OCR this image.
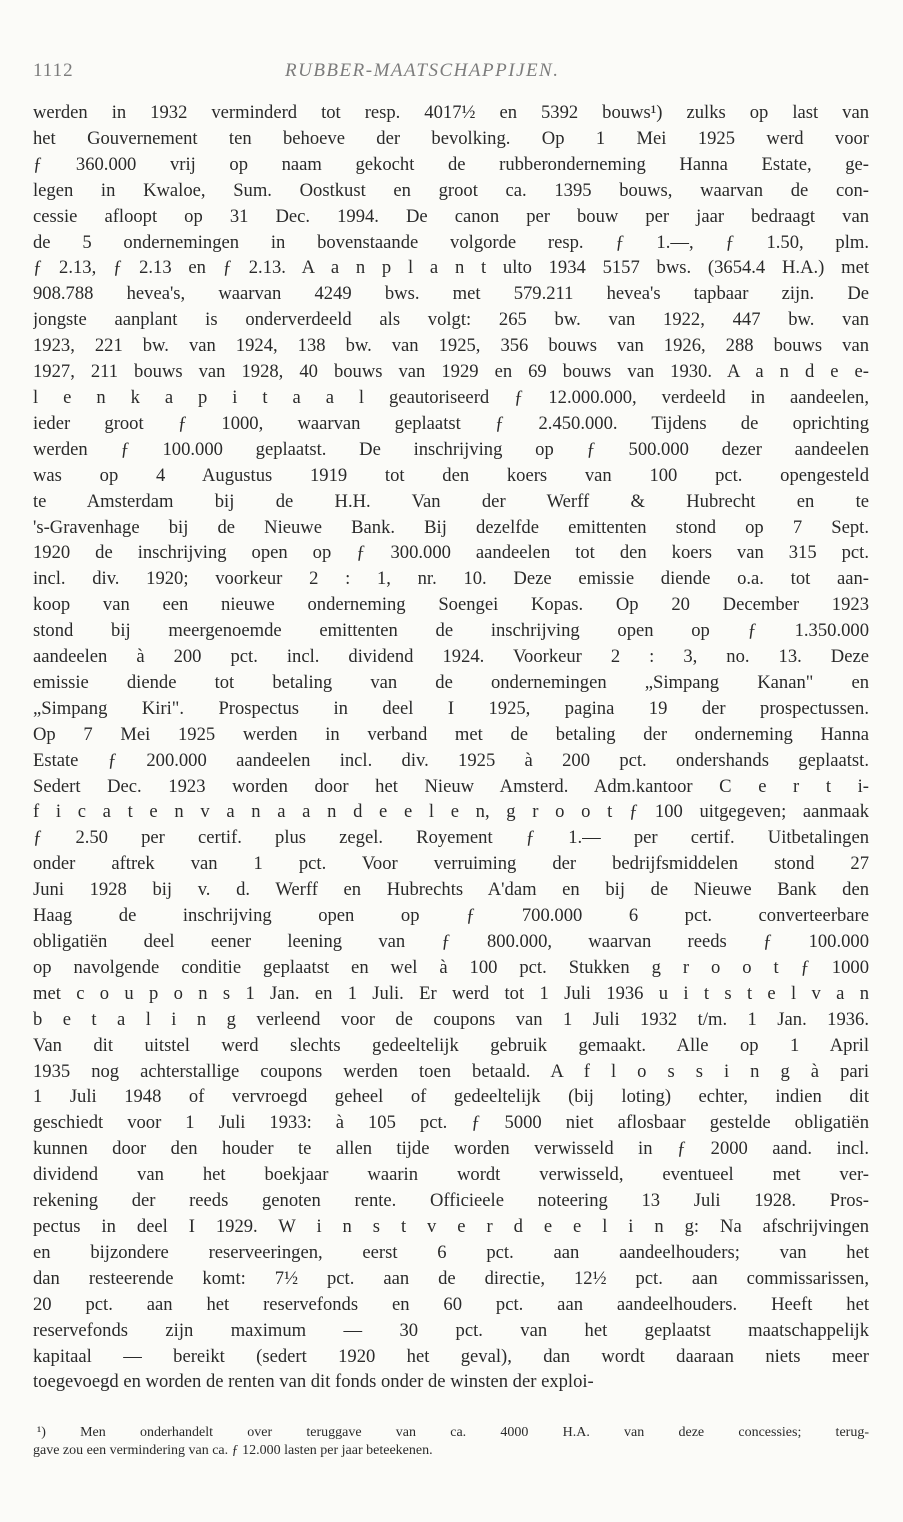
1112	RUBBER-MAATSCHAPPIJEN.
werden in 1932 verminderd tot resp. 4017½ en 5392 bouws¹) zulks op last van
het Gouvernement ten behoeve der bevolking. Op 1 Mei 1925 werd voor
ƒ 360.000 vrij op naam gekocht de rubberonderneming Hanna Estate, ge-
legen in Kwaloe, Sum. Oostkust en groot ca. 1395 bouws, waarvan de con-
cessie afloopt op 31 Dec. 1994. De canon per bouw per jaar bedraagt van
de 5 ondernemingen in bovenstaande volgorde resp. ƒ 1.—, ƒ 1.50, plm.
ƒ 2.13, ƒ 2.13 en ƒ 2.13. A a n p l a n t ulto 1934 5157 bws. (3654.4 H.A.) met
908.788 hevea's, waarvan 4249 bws. met 579.211 hevea's tapbaar zijn. De
jongste aanplant is onderverdeeld als volgt: 265 bw. van 1922, 447 bw. van
1923, 221 bw. van 1924, 138 bw. van 1925, 356 bouws van 1926, 288 bouws van
1927, 211 bouws van 1928, 40 bouws van 1929 en 69 bouws van 1930. A a n d e e-
l e n k a p i t a a l geautoriseerd ƒ 12.000.000, verdeeld in aandeelen,
ieder groot ƒ 1000, waarvan geplaatst ƒ 2.450.000. Tijdens de oprichting
werden ƒ 100.000 geplaatst. De inschrijving op ƒ 500.000 dezer aandeelen
was op 4 Augustus 1919 tot den koers van 100 pct. opengesteld
te Amsterdam bij de H.H. Van der Werff & Hubrecht en te
's-Gravenhage bij de Nieuwe Bank. Bij dezelfde emittenten stond op 7 Sept.
1920 de inschrijving open op ƒ 300.000 aandeelen tot den koers van 315 pct.
incl. div. 1920; voorkeur 2 : 1, nr. 10. Deze emissie diende o.a. tot aan-
koop van een nieuwe onderneming Soengei Kopas. Op 20 December 1923
stond bij meergenoemde emittenten de inschrijving open op ƒ 1.350.000
aandeelen à 200 pct. incl. dividend 1924. Voorkeur 2 : 3, no. 13. Deze
emissie diende tot betaling van de ondernemingen „Simpang Kanan" en
„Simpang Kiri". Prospectus in deel I 1925, pagina 19 der prospectussen.
Op 7 Mei 1925 werden in verband met de betaling der onderneming Hanna
Estate ƒ 200.000 aandeelen incl. div. 1925 à 200 pct. ondershands geplaatst.
Sedert Dec. 1923 worden door het Nieuw Amsterd. Adm.kantoor C e r t i-
f i c a t e n v a n a a n d e e l e n, g r o o t ƒ 100 uitgegeven; aanmaak
ƒ 2.50 per certif. plus zegel. Royement ƒ 1.— per certif. Uitbetalingen
onder aftrek van 1 pct. Voor verruiming der bedrijfsmiddelen stond 27
Juni 1928 bij v. d. Werff en Hubrechts A'dam en bij de Nieuwe Bank den
Haag de inschrijving open op ƒ 700.000 6 pct. converteerbare
obligatiën deel eener leening van ƒ 800.000, waarvan reeds ƒ 100.000
op navolgende conditie geplaatst en wel à 100 pct. Stukken g r o o t ƒ 1000
met c o u p o n s 1 Jan. en 1 Juli. Er werd tot 1 Juli 1936 u i t s t e l v a n
b e t a l i n g verleend voor de coupons van 1 Juli 1932 t/m. 1 Jan. 1936.
Van dit uitstel werd slechts gedeeltelijk gebruik gemaakt. Alle op 1 April
1935 nog achterstallige coupons werden toen betaald. A f l o s s i n g à pari
1 Juli 1948 of vervroegd geheel of gedeeltelijk (bij loting) echter, indien dit
geschiedt voor 1 Juli 1933: à 105 pct. ƒ 5000 niet aflosbaar gestelde obligatiën
kunnen door den houder te allen tijde worden verwisseld in ƒ 2000 aand. incl.
dividend van het boekjaar waarin wordt verwisseld, eventueel met ver-
rekening der reeds genoten rente. Officieele noteering 13 Juli 1928. Pros-
pectus in deel I 1929. W i n s t v e r d e e l i n g: Na afschrijvingen
en bijzondere reserveeringen, eerst 6 pct. aan aandeelhouders; van het
dan resteerende komt: 7½ pct. aan de directie, 12½ pct. aan commissarissen,
20 pct. aan het reservefonds en 60 pct. aan aandeelhouders. Heeft het
reservefonds zijn maximum — 30 pct. van het geplaatst maatschappelijk
kapitaal — bereikt (sedert 1920 het geval), dan wordt daaraan niets meer
toegevoegd en worden de renten van dit fonds onder de winsten der exploi-
¹) Men onderhandelt over teruggave van ca. 4000 H.A. van deze concessies; terug-
gave zou een vermindering van ca. ƒ 12.000 lasten per jaar beteekenen.
